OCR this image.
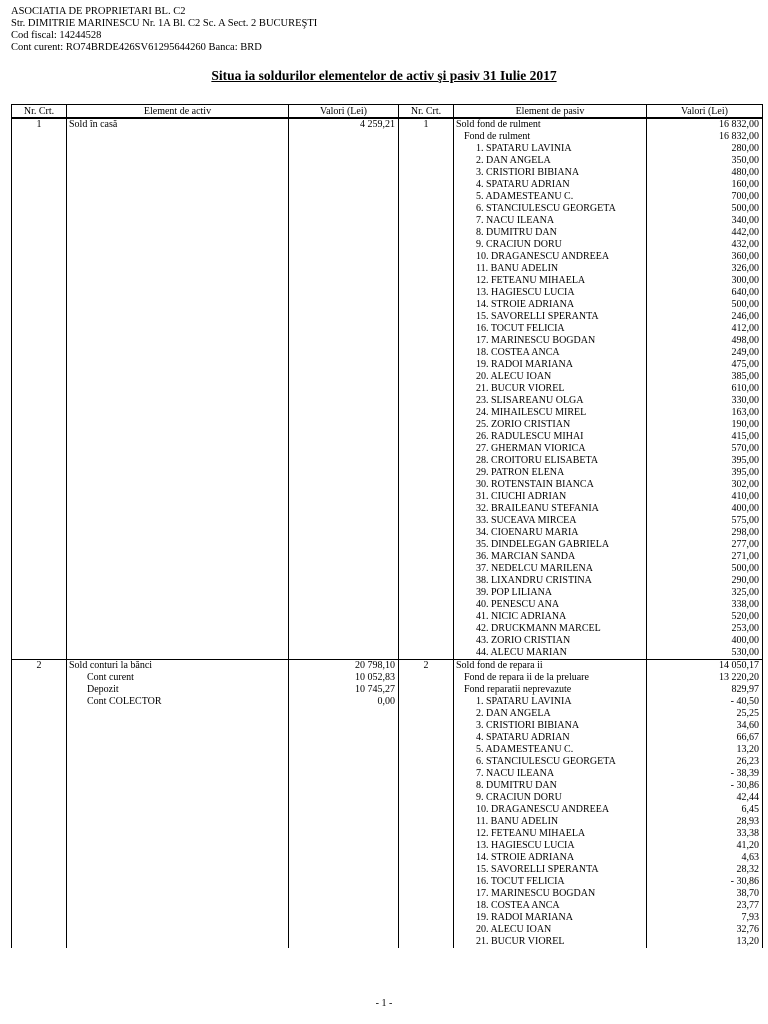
ASOCIATIA DE PROPRIETARI BL. C2
Str. DIMITRIE MARINESCU Nr. 1A Bl. C2 Sc. A Sect. 2 BUCUREŞTI
Cod fiscal: 14244528
Cont curent: RO74BRDE426SV61295644260 Banca: BRD
Situa ia soldurilor elementelor de activ şi pasiv 31 Iulie 2017
Nr. Crt.	Element de activ	Valori (Lei)	Nr. Crt.	Element de pasiv	Valori (Lei)
1	Sold în casă	4 259,21	1	Sold fond de rulment	16 832,00
				Fond de rulment	16 832,00
				1. SPATARU LAVINIA	280,00
				2. DAN ANGELA	350,00
				3. CRISTIORI BIBIANA	480,00
				4. SPATARU ADRIAN	160,00
				5. ADAMESTEANU C.	700,00
				6. STANCIULESCU GEORGETA	500,00
				7. NACU ILEANA	340,00
				8. DUMITRU DAN	442,00
				9. CRACIUN DORU	432,00
				10. DRAGANESCU ANDREEA	360,00
				11. BANU ADELIN	326,00
				12. FETEANU MIHAELA	300,00
				13. HAGIESCU LUCIA	640,00
				14. STROIE ADRIANA	500,00
				15. SAVORELLI SPERANTA	246,00
				16. TOCUT FELICIA	412,00
				17. MARINESCU BOGDAN	498,00
				18. COSTEA ANCA	249,00
				19. RADOI MARIANA	475,00
				20. ALECU IOAN	385,00
				21. BUCUR VIOREL	610,00
				23. SLISAREANU OLGA	330,00
				24. MIHAILESCU MIREL	163,00
				25. ZORIO CRISTIAN	190,00
				26. RADULESCU MIHAI	415,00
				27. GHERMAN VIORICA	570,00
				28. CROITORU ELISABETA	395,00
				29. PATRON ELENA	395,00
				30. ROTENSTAIN BIANCA	302,00
				31. CIUCHI ADRIAN	410,00
				32. BRAILEANU STEFANIA	400,00
				33. SUCEAVA MIRCEA	575,00
				34. CIOENARU MARIA	298,00
				35. DINDELEGAN GABRIELA	277,00
				36. MARCIAN SANDA	271,00
				37. NEDELCU MARILENA	500,00
				38. LIXANDRU CRISTINA	290,00
				39. POP LILIANA	325,00
				40. PENESCU ANA	338,00
				41. NICIC ADRIANA	520,00
				42. DRUCKMANN MARCEL	253,00
				43. ZORIO CRISTIAN	400,00
				44. ALECU MARIAN	530,00
2	Sold conturi la bănci	20 798,10	2	Sold fond de repara ii	14 050,17
	Cont curent	10 052,83		Fond de repara ii de la preluare	13 220,20
	Depozit	10 745,27		Fond reparatii neprevazute	829,97
	Cont COLECTOR	0,00		1. SPATARU LAVINIA	- 40,50
				2. DAN ANGELA	25,25
				3. CRISTIORI BIBIANA	34,60
				4. SPATARU ADRIAN	66,67
				5. ADAMESTEANU C.	13,20
				6. STANCIULESCU GEORGETA	26,23
				7. NACU ILEANA	- 38,39
				8. DUMITRU DAN	- 30,86
				9. CRACIUN DORU	42,44
				10. DRAGANESCU ANDREEA	6,45
				11. BANU ADELIN	28,93
				12. FETEANU MIHAELA	33,38
				13. HAGIESCU LUCIA	41,20
				14. STROIE ADRIANA	4,63
				15. SAVORELLI SPERANTA	28,32
				16. TOCUT FELICIA	- 30,86
				17. MARINESCU BOGDAN	38,70
				18. COSTEA ANCA	23,77
				19. RADOI MARIANA	7,93
				20. ALECU IOAN	32,76
				21. BUCUR VIOREL	13,20
- 1 -
